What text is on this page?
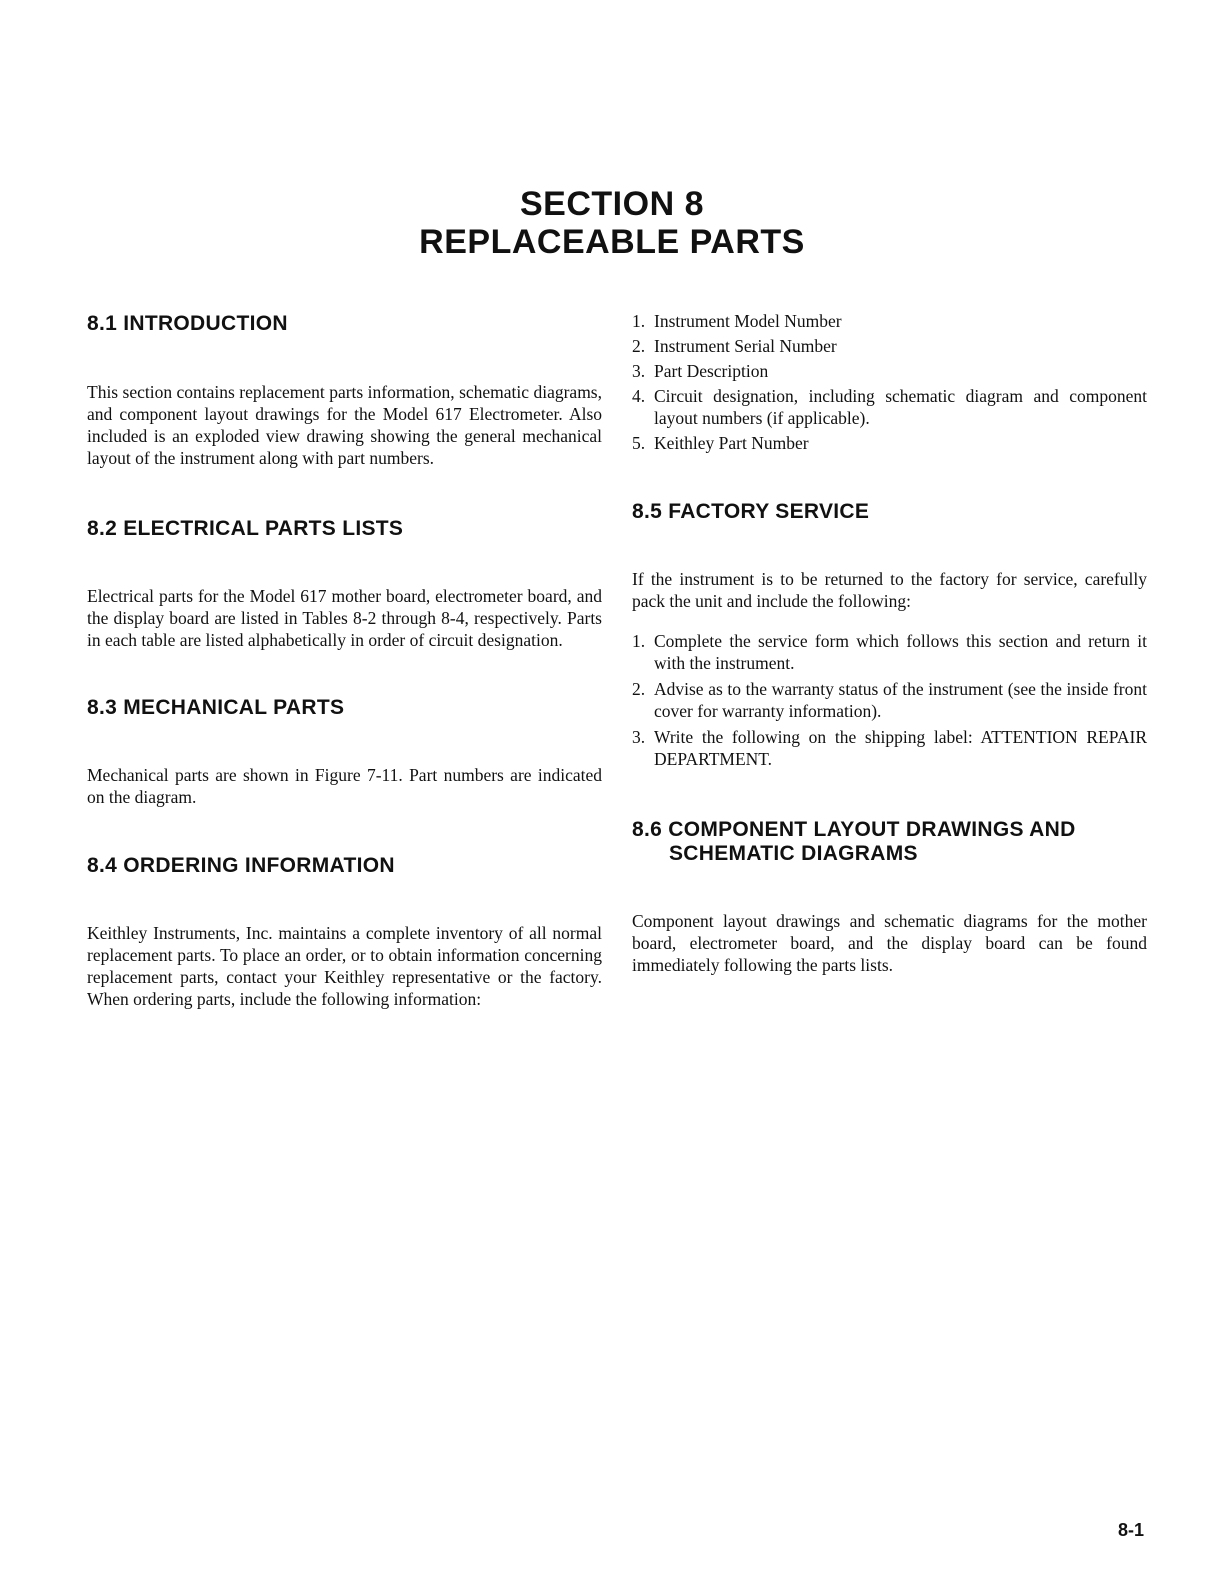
SECTION 8
REPLACEABLE PARTS
8.1 INTRODUCTION

This section contains replacement parts information, schematic diagrams, and component layout drawings for the Model 617 Electrometer. Also included is an exploded view drawing showing the general mechanical layout of the instrument along with part numbers.

8.2 ELECTRICAL PARTS LISTS

Electrical parts for the Model 617 mother board, electrometer board, and the display board are listed in Tables 8-2 through 8-4, respectively. Parts in each table are listed alphabetically in order of circuit designation.

8.3 MECHANICAL PARTS

Mechanical parts are shown in Figure 7-11. Part numbers are indicated on the diagram.

8.4 ORDERING INFORMATION

Keithley Instruments, Inc. maintains a complete inventory of all normal replacement parts. To place an order, or to obtain information concerning replacement parts, contact your Keithley representative or the factory. When ordering parts, include the following information:

1. Instrument Model Number
2. Instrument Serial Number
3. Part Description
4. Circuit designation, including schematic diagram and component layout numbers (if applicable).
5. Keithley Part Number
8.5 FACTORY SERVICE

If the instrument is to be returned to the factory for service, carefully pack the unit and include the following:

1. Complete the service form which follows this section and return it with the instrument.
2. Advise as to the warranty status of the instrument (see the inside front cover for warranty information).
3. Write the following on the shipping label: ATTENTION REPAIR DEPARTMENT.
8.6 COMPONENT LAYOUT DRAWINGS AND
SCHEMATIC DIAGRAMS

Component layout drawings and schematic diagrams for the mother board, electrometer board, and the display board can be found immediately following the parts lists.

8-1
